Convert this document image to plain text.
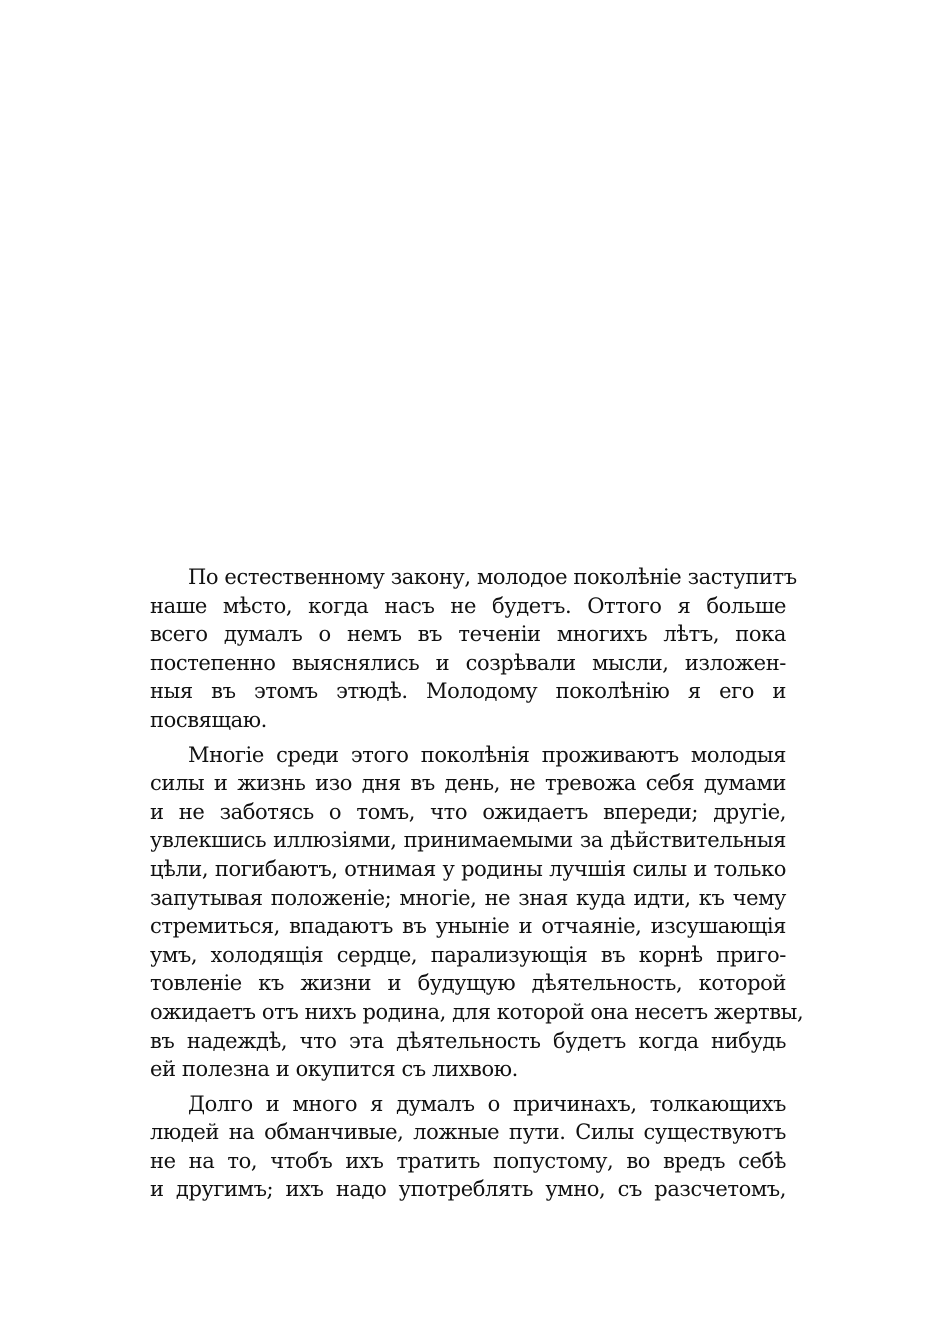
По естественному закону, молодое поколѣніе заступитъ
наше мѣсто, когда насъ не будетъ. Оттого я больше
всего думалъ о немъ въ теченіи многихъ лѣтъ, пока
постепенно выяснялись и созрѣвали мысли, изложен-
ныя въ этомъ этюдѣ. Молодому поколѣнію я его и
посвящаю.
Многіе среди этого поколѣнія проживаютъ молодыя
силы и жизнь изо дня въ день, не тревожа себя думами
и не заботясь о томъ, что ожидаетъ впереди; другіе,
увлекшись иллюзіями, принимаемыми за дѣйствительныя
цѣли, погибаютъ, отнимая у родины лучшія силы и только
запутывая положеніе; многіе, не зная куда идти, къ чему
стремиться, впадаютъ въ уныніе и отчаяніе, изсушающія
умъ, холодящія сердце, парализующія въ корнѣ приго-
товленіе къ жизни и будущую дѣятельность, которой
ожидаетъ отъ нихъ родина, для которой она несетъ жертвы,
въ надеждѣ, что эта дѣятельность будетъ когда нибудь
ей полезна и окупится съ лихвою.
Долго и много я думалъ о причинахъ, толкающихъ
людей на обманчивые, ложные пути. Силы существуютъ
не на то, чтобъ ихъ тратить попустому, во вредъ себѣ
и другимъ; ихъ надо употреблять умно, съ разсчетомъ,
